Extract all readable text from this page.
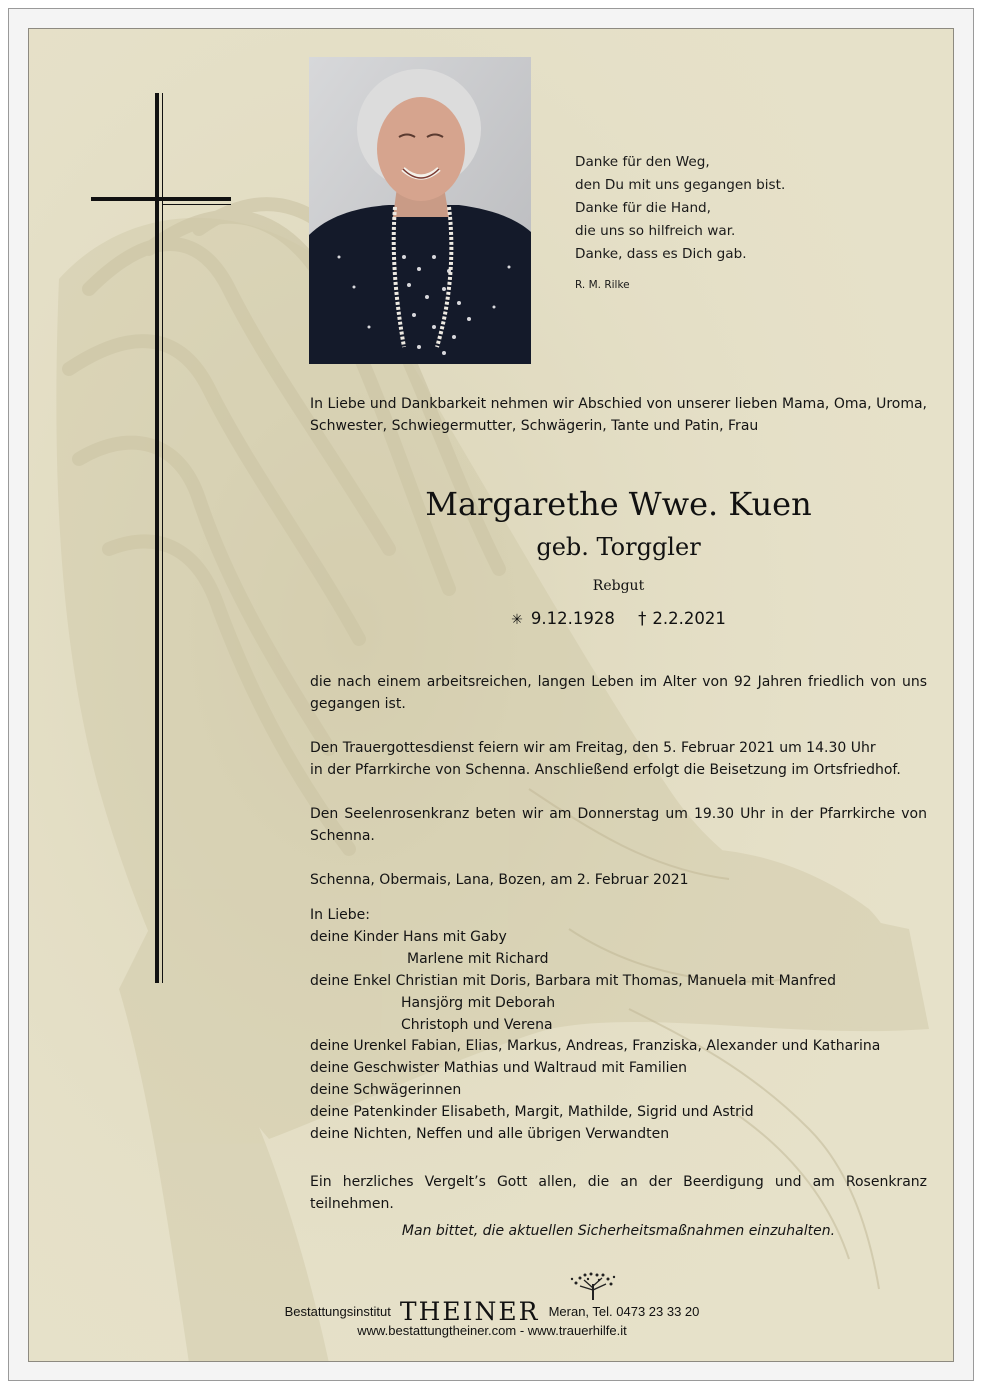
Danke für den Weg,
den Du mit uns gegangen bist.
Danke für die Hand,
die uns so hilfreich war.
Danke, dass es Dich gab.
R. M. Rilke

In Liebe und Dankbarkeit nehmen wir Abschied von unserer lieben Mama, Oma, Uroma, Schwester, Schwiegermutter, Schwägerin, Tante und Patin, Frau

Margarethe Wwe. Kuen
geb. Torggler
Rebgut
✳ 9.12.1928 † 2.2.2021

die nach einem arbeitsreichen, langen Leben im Alter von 92 Jahren friedlich von uns gegangen ist.

Den Trauergottesdienst feiern wir am Freitag, den 5. Februar 2021 um 14.30 Uhr

in der Pfarrkirche von Schenna. Anschließend erfolgt die Beisetzung im Ortsfriedhof.

Den Seelenrosenkranz beten wir am Donnerstag um 19.30 Uhr in der Pfarrkirche von Schenna.

Schenna, Obermais, Lana, Bozen, am 2. Februar 2021

In Liebe:
deine Kinder Hans mit Gaby
Marlene mit Richard
deine Enkel Christian mit Doris, Barbara mit Thomas, Manuela mit Manfred
Hansjörg mit Deborah
Christoph und Verena
deine Urenkel Fabian, Elias, Markus, Andreas, Franziska, Alexander und Katharina
deine Geschwister Mathias und Waltraud mit Familien
deine Schwägerinnen
deine Patenkinder Elisabeth, Margit, Mathilde, Sigrid und Astrid
deine Nichten, Neffen und alle übrigen Verwandten

Ein herzliches Vergelt’s Gott allen, die an der Beerdigung und am Rosenkranz teilnehmen.

Man bittet, die aktuellen Sicherheitsmaßnahmen einzuhalten.
Bestattungsinstitut THEINER Meran, Tel. 0473 23 33 20
www.bestattungtheiner.com - www.trauerhilfe.it
